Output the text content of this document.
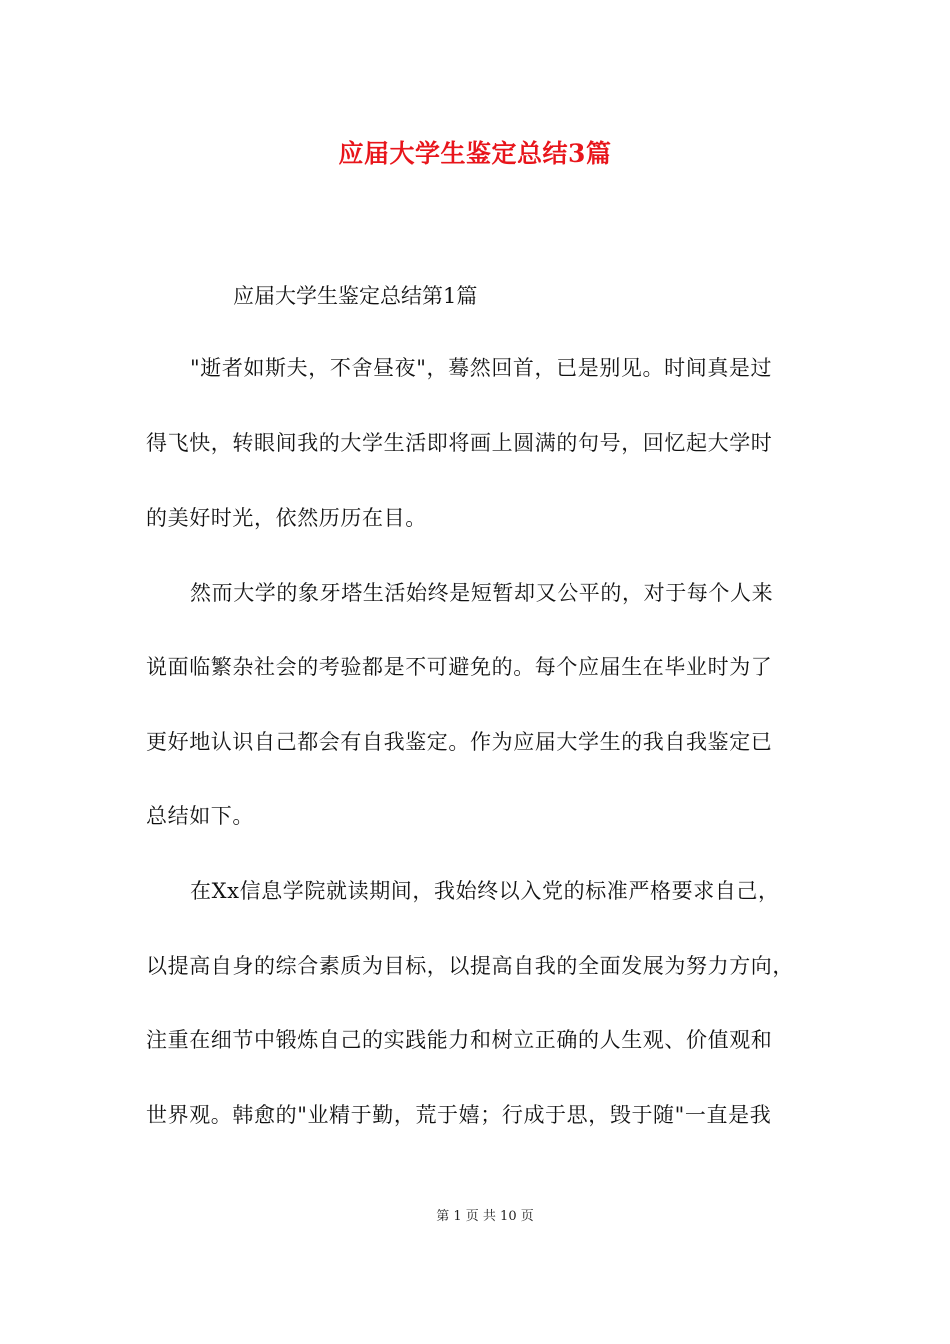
应届大学生鉴定总结3篇
应届大学生鉴定总结第1篇
"逝者如斯夫，不舍昼夜"，蓦然回首，已是别见。时间真是过
得飞快，转眼间我的大学生活即将画上圆满的句号，回忆起大学时
的美好时光，依然历历在目。
然而大学的象牙塔生活始终是短暂却又公平的，对于每个人来
说面临繁杂社会的考验都是不可避免的。每个应届生在毕业时为了
更好地认识自己都会有自我鉴定。作为应届大学生的我自我鉴定已
总结如下。
在Xx信息学院就读期间，我始终以入党的标准严格要求自己，
以提高自身的综合素质为目标，以提高自我的全面发展为努力方向，
注重在细节中锻炼自己的实践能力和树立正确的人生观、价值观和
世界观。韩愈的"业精于勤，荒于嬉；行成于思，毁于随"一直是我
第 1 页 共 10 页
